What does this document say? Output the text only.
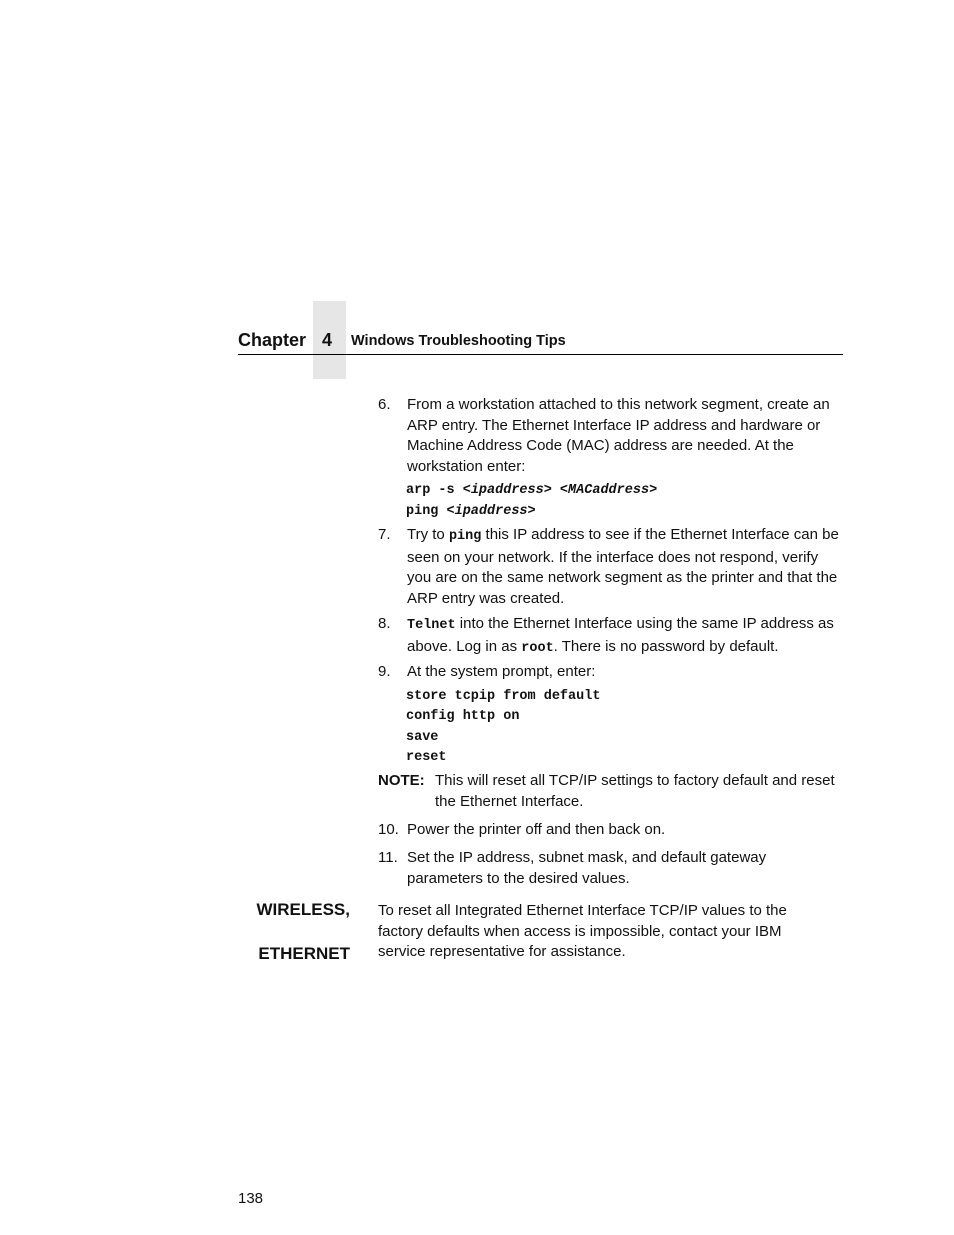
Chapter 4 Windows Troubleshooting Tips
6. From a workstation attached to this network segment, create an ARP entry. The Ethernet Interface IP address and hardware or Machine Address Code (MAC) address are needed. At the workstation enter:

arp -s <ipaddress> <MACaddress>
ping <ipaddress>
7. Try to ping this IP address to see if the Ethernet Interface can be seen on your network. If the interface does not respond, verify you are on the same network segment as the printer and that the ARP entry was created.

8. Telnet into the Ethernet Interface using the same IP address as above. Log in as root. There is no password by default.

9. At the system prompt, enter:

store tcpip from default
config http on
save
reset
NOTE: This will reset all TCP/IP settings to factory default and reset the Ethernet Interface.

10. Power the printer off and then back on.

11. Set the IP address, subnet mask, and default gateway parameters to the desired values.

WIRELESS,
ETHERNET

To reset all Integrated Ethernet Interface TCP/IP values to the factory defaults when access is impossible, contact your IBM service representative for assistance.

138
